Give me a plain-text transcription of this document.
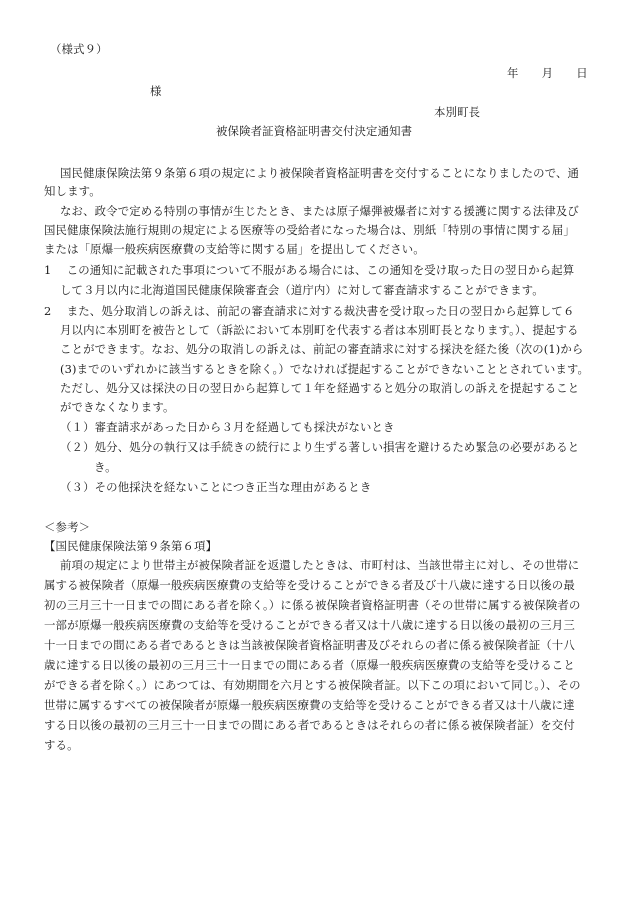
（様式９）
年　　月　　日
様
本別町長
被保険者証資格証明書交付決定通知書
国民健康保険法第９条第６項の規定により被保険者資格証明書を交付することになりましたので、通
知します。
なお、政令で定める特別の事情が生じたとき、または原子爆弾被爆者に対する援護に関する法律及び
国民健康保険法施行規則の規定による医療等の受給者になった場合は、別紙「特別の事情に関する届」
または「原爆一般疾病医療費の支給等に関する届」を提出してください。
1　 この通知に記載された事項について不服がある場合には、この通知を受け取った日の翌日から起算
して３月以内に北海道国民健康保険審査会（道庁内）に対して審査請求することができます。
2　 また、処分取消しの訴えは、前記の審査請求に対する裁決書を受け取った日の翌日から起算して６
月以内に本別町を被告として（訴訟において本別町を代表する者は本別町長となります。）、提起する
ことができます。なお、処分の取消しの訴えは、前記の審査請求に対する採決を経た後（次の(1)から
(3)までのいずれかに該当するときを除く。）でなければ提起することができないこととされています。
ただし、処分又は採決の日の翌日から起算して１年を経過すると処分の取消しの訴えを提起すること
ができなくなります。
（１）審査請求があった日から３月を経過しても採決がないとき
（２）処分、処分の執行又は手続きの続行により生ずる著しい損害を避けるため緊急の必要があると
き。
（３）その他採決を経ないことにつき正当な理由があるとき
＜参考＞
【国民健康保険法第９条第６項】
前項の規定により世帯主が被保険者証を返還したときは、市町村は、当該世帯主に対し、その世帯に
属する被保険者（原爆一般疾病医療費の支給等を受けることができる者及び十八歳に達する日以後の最
初の三月三十一日までの間にある者を除く。）に係る被保険者資格証明書（その世帯に属する被保険者の
一部が原爆一般疾病医療費の支給等を受けることができる者又は十八歳に達する日以後の最初の三月三
十一日までの間にある者であるときは当該被保険者資格証明書及びそれらの者に係る被保険者証（十八
歳に達する日以後の最初の三月三十一日までの間にある者（原爆一般疾病医療費の支給等を受けること
ができる者を除く。）にあつては、有効期間を六月とする被保険者証。以下この項において同じ。）、その
世帯に属するすべての被保険者が原爆一般疾病医療費の支給等を受けることができる者又は十八歳に達
する日以後の最初の三月三十一日までの間にある者であるときはそれらの者に係る被保険者証）を交付
する。
